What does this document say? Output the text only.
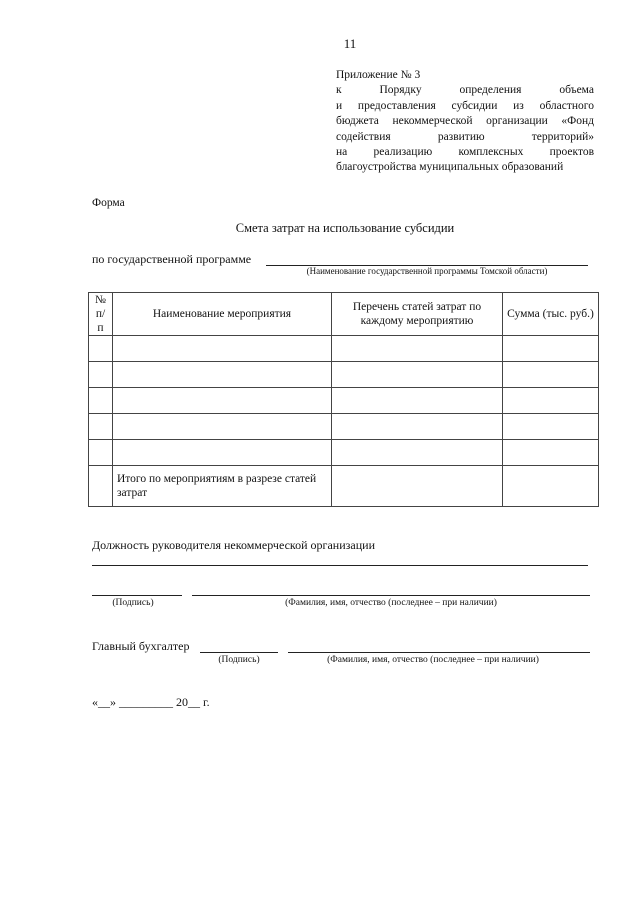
11
Приложение № 3
к	Порядку	определения	объема
и предоставления субсидии из областного
бюджета некоммерческой организации «Фонд
содействия	развитию	территорий»
на реализацию комплексных проектов
благоустройства муниципальных образований
Форма
Смета затрат на использование субсидии
по государственной программе
(Наименование государственной программы Томской области)
№ п/п	Наименование мероприятия	Перечень статей затрат по каждому мероприятию	Сумма (тыс. руб.)

	Итого по мероприятиям в разрезе статей затрат		
Должность руководителя некоммерческой организации
(Подпись)	(Фамилия, имя, отчество (последнее – при наличии)
Главный бухгалтер
(Подпись)	(Фамилия, имя, отчество (последнее – при наличии)
«__» _________ 20__ г.
